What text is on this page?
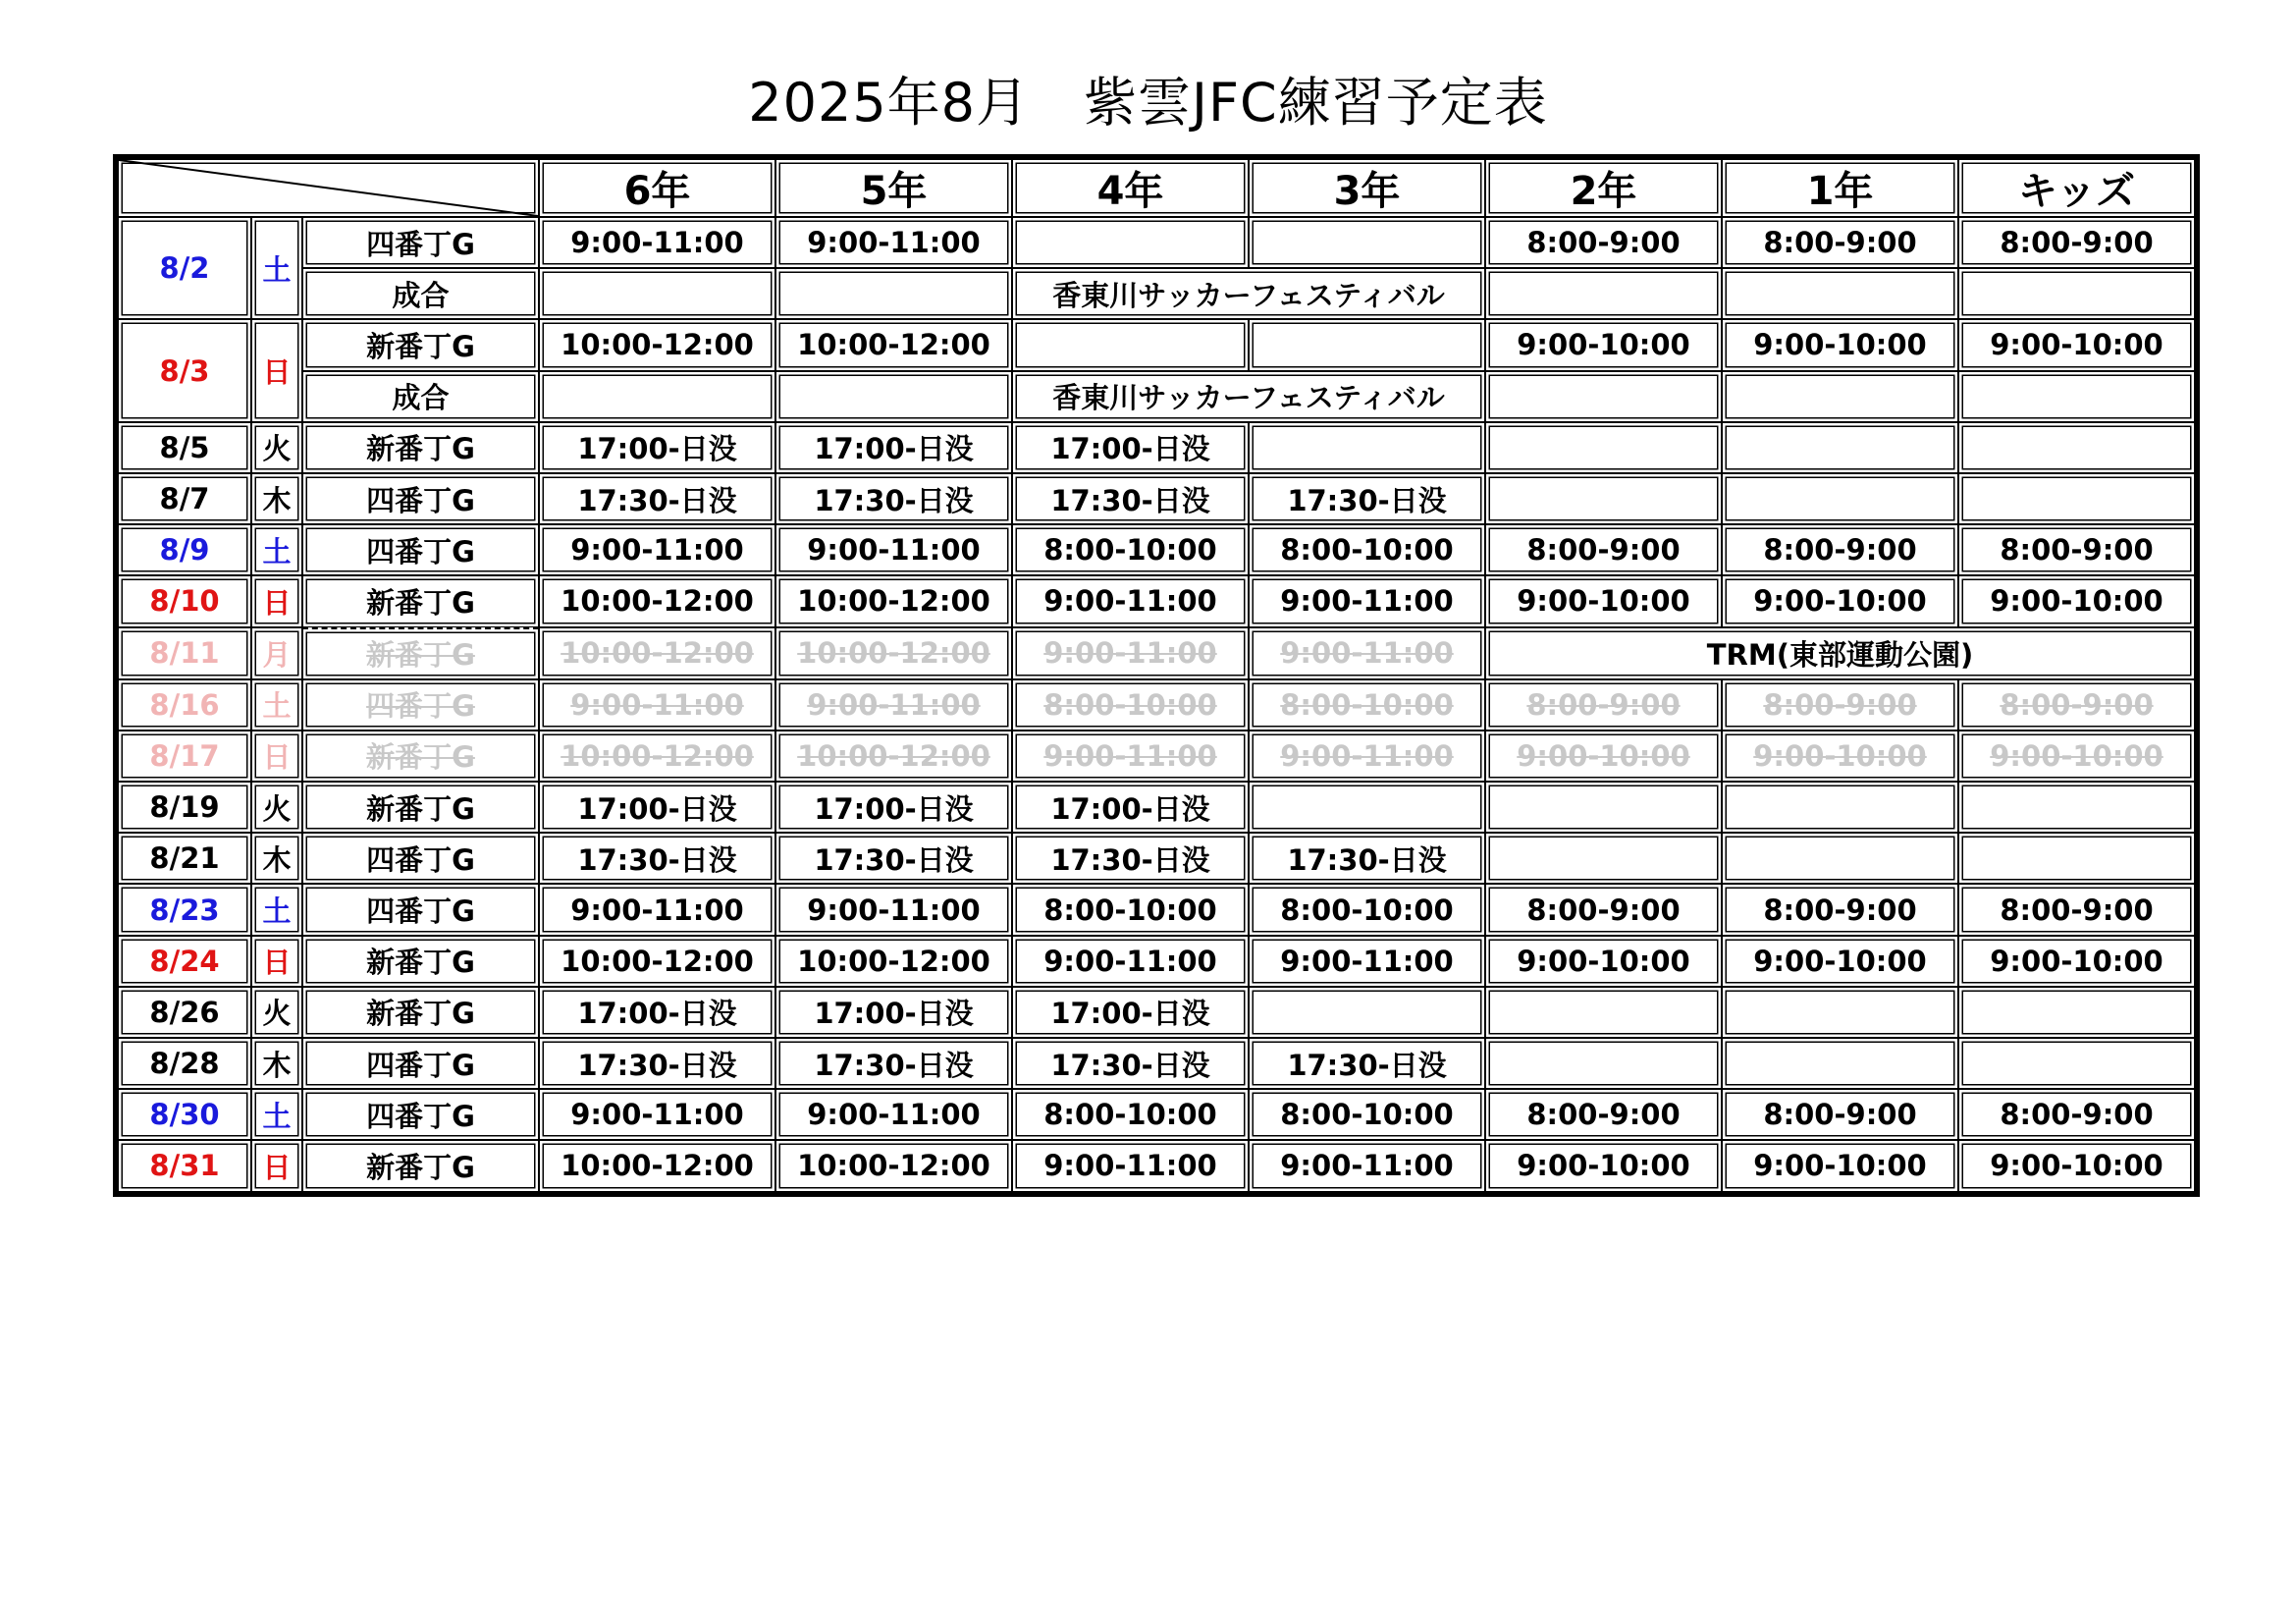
2025年8月　紫雲JFC練習予定表
	6年	5年	4年	3年	2年	1年	キッズ
8/2	土	四番丁G	9:00-11:00	9:00-11:00			8:00-9:00	8:00-9:00	8:00-9:00
		成合			香東川サッカーフェスティバル				
8/3	日	新番丁G	10:00-12:00	10:00-12:00			9:00-10:00	9:00-10:00	9:00-10:00
		成合			香東川サッカーフェスティバル				
8/5	火	新番丁G	17:00-日没	17:00-日没	17:00-日没				
8/7	木	四番丁G	17:30-日没	17:30-日没	17:30-日没	17:30-日没			
8/9	土	四番丁G	9:00-11:00	9:00-11:00	8:00-10:00	8:00-10:00	8:00-9:00	8:00-9:00	8:00-9:00
8/10	日	新番丁G	10:00-12:00	10:00-12:00	9:00-11:00	9:00-11:00	9:00-10:00	9:00-10:00	9:00-10:00
8/11	月	新番丁G	10:00-12:00	10:00-12:00	9:00-11:00	9:00-11:00	TRM(東部運動公園)		
8/16	土	四番丁G	9:00-11:00	9:00-11:00	8:00-10:00	8:00-10:00	8:00-9:00	8:00-9:00	8:00-9:00
8/17	日	新番丁G	10:00-12:00	10:00-12:00	9:00-11:00	9:00-11:00	9:00-10:00	9:00-10:00	9:00-10:00
8/19	火	新番丁G	17:00-日没	17:00-日没	17:00-日没				
8/21	木	四番丁G	17:30-日没	17:30-日没	17:30-日没	17:30-日没			
8/23	土	四番丁G	9:00-11:00	9:00-11:00	8:00-10:00	8:00-10:00	8:00-9:00	8:00-9:00	8:00-9:00
8/24	日	新番丁G	10:00-12:00	10:00-12:00	9:00-11:00	9:00-11:00	9:00-10:00	9:00-10:00	9:00-10:00
8/26	火	新番丁G	17:00-日没	17:00-日没	17:00-日没				
8/28	木	四番丁G	17:30-日没	17:30-日没	17:30-日没	17:30-日没			
8/30	土	四番丁G	9:00-11:00	9:00-11:00	8:00-10:00	8:00-10:00	8:00-9:00	8:00-9:00	8:00-9:00
8/31	日	新番丁G	10:00-12:00	10:00-12:00	9:00-11:00	9:00-11:00	9:00-10:00	9:00-10:00	9:00-10:00
